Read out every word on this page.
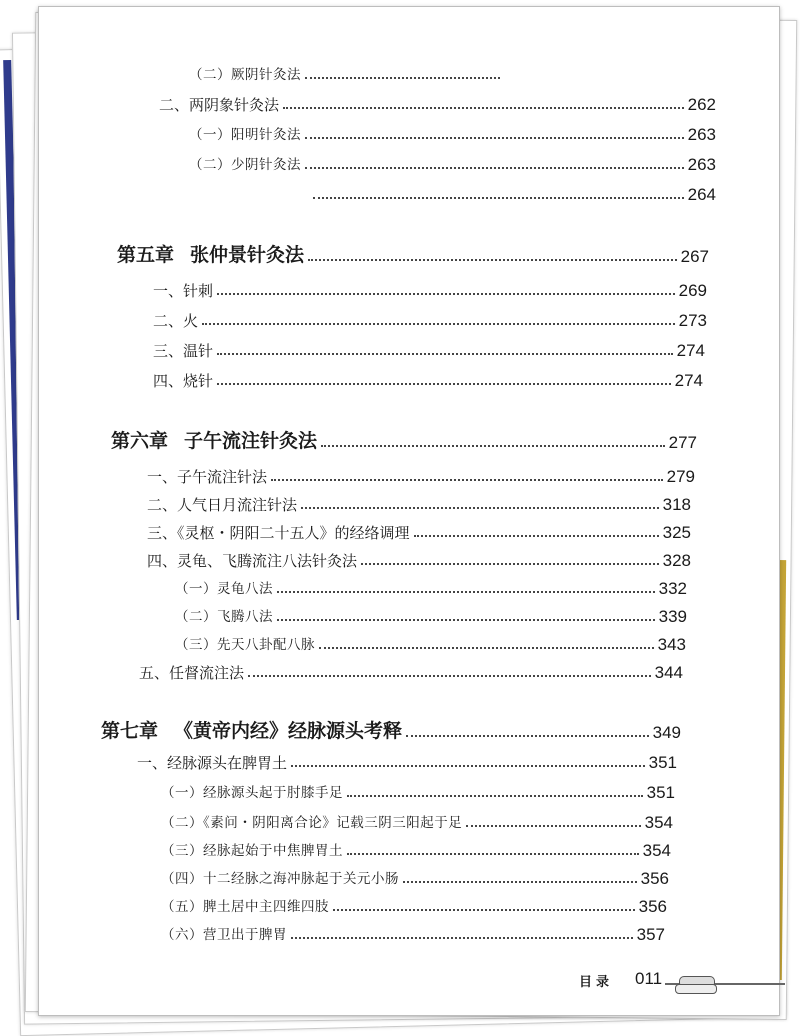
（二）厥阴针灸法
二、两阴象针灸法	262
（一）阳明针灸法	263
（二）少阴针灸法	263
264
第五章 张仲景针灸法	267
一、针刺	269
二、火	273
三、温针	274
四、烧针	274
第六章 子午流注针灸法	277
一、子午流注针法	279
二、人气日月流注针法	318
三、《灵枢・阴阳二十五人》的经络调理	325
四、灵龟、飞腾流注八法针灸法	328
（一）灵龟八法	332
（二）飞腾八法	339
（三）先天八卦配八脉	343
五、任督流注法	344
第七章 《黄帝内经》经脉源头考释	349
一、经脉源头在脾胃土	351
（一）经脉源头起于肘膝手足	351
（二）《素问・阴阳离合论》记载三阴三阳起于足	354
（三）经脉起始于中焦脾胃土	354
（四）十二经脉之海冲脉起于关元小肠	356
（五）脾土居中主四维四肢	356
（六）营卫出于脾胃	357
目录 011
